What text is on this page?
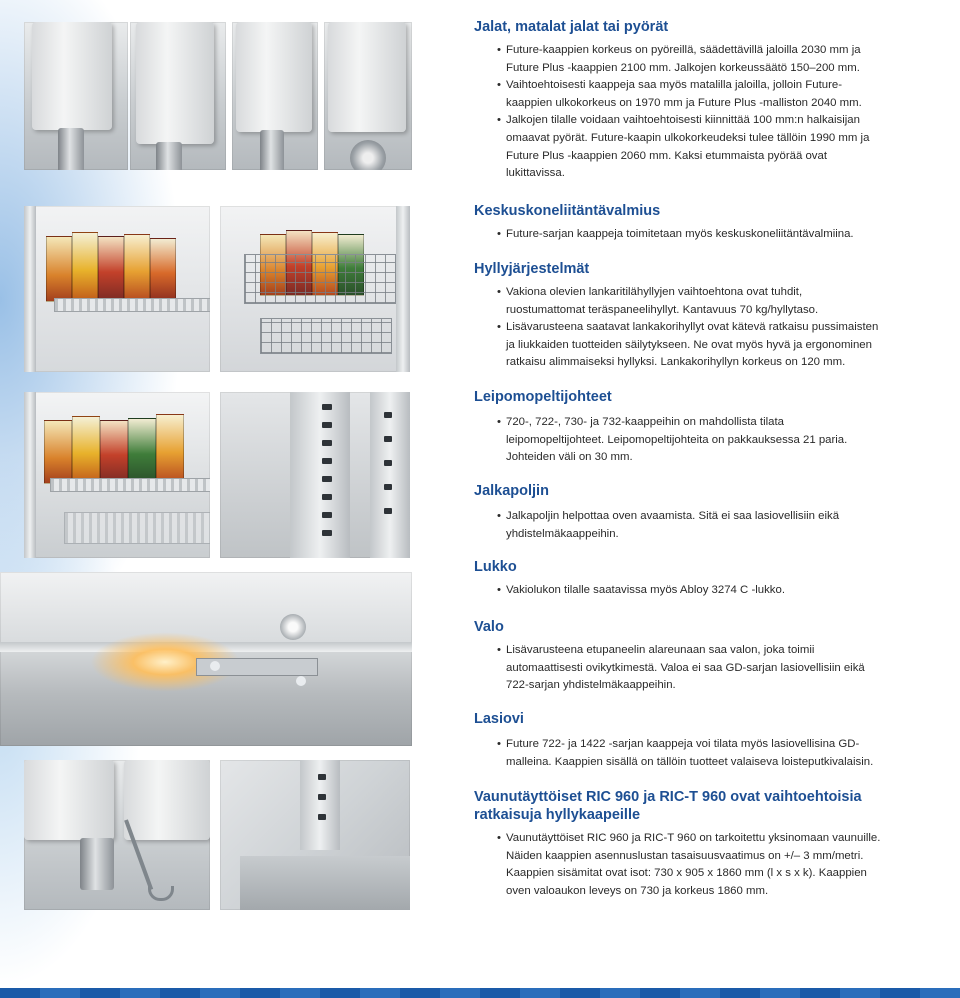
Jalat, matalat jalat tai pyörät
• Future-kaappien korkeus on pyöreillä, säädettävillä jaloilla 2030 mm ja Future Plus -kaappien 2100 mm. Jalkojen korkeussäätö 150–200 mm.
• Vaihtoehtoisesti kaappeja saa myös matalilla jaloilla, jolloin Future-kaappien ulkokorkeus on 1970 mm ja Future Plus -malliston 2040 mm.
• Jalkojen tilalle voidaan vaihtoehtoisesti kiinnittää 100 mm:n halkaisijan omaavat pyörät. Future-kaapin ulkokorkeudeksi tulee tällöin 1990 mm ja Future Plus -kaappien 2060 mm. Kaksi etummaista pyörää ovat lukittavissa.
Keskuskoneliitäntävalmius
• Future-sarjan kaappeja toimitetaan myös keskuskoneliitäntävalmiina.
Hyllyjärjestelmät
• Vakiona olevien lankaritilähyllyjen vaihtoehtona ovat tuhdit, ruostumattomat teräspaneelihyllyt. Kantavuus 70 kg/hyllytaso.
• Lisävarusteena saatavat lankakorihyllyt ovat kätevä ratkaisu pussimaisten ja liukkaiden tuotteiden säilytykseen. Ne ovat myös hyvä ja ergonominen ratkaisu alimmaiseksi hyllyksi. Lankakorihyllyn korkeus on 120 mm.
Leipomopeltijohteet
• 720-, 722-, 730- ja 732-kaappeihin on mahdollista tilata leipomopeltijohteet. Leipomopeltijohteita on pakkauksessa 21 paria. Johteiden väli on 30 mm.
Jalkapoljin
• Jalkapoljin helpottaa oven avaamista. Sitä ei saa lasiovellisiin eikä yhdistelmäkaappeihin.
Lukko
• Vakiolukon tilalle saatavissa myös Abloy 3274 C -lukko.
Valo
• Lisävarusteena etupaneelin alareunaan saa valon, joka toimii automaattisesti ovikytkimestä. Valoa ei saa GD-sarjan lasiovellisiin eikä 722-sarjan yhdistelmäkaappeihin.
Lasiovi
• Future 722- ja 1422 -sarjan kaappeja voi tilata myös lasiovellisina GD-malleina. Kaappien sisällä on tällöin tuotteet valaiseva loisteputkivalaisin.
Vaunutäyttöiset RIC 960 ja RIC-T 960 ovat vaihtoehtoisia ratkaisuja hyllykaapeille
• Vaunutäyttöiset RIC 960 ja RIC-T 960 on tarkoitettu yksinomaan vaunuille. Näiden kaappien asennuslustan tasaisuusvaatimus on +/– 3 mm/metri. Kaappien sisämitat ovat isot: 730 x 905 x 1860 mm (l x s x k). Kaappien oven valoaukon leveys on 730 ja korkeus 1860 mm.
